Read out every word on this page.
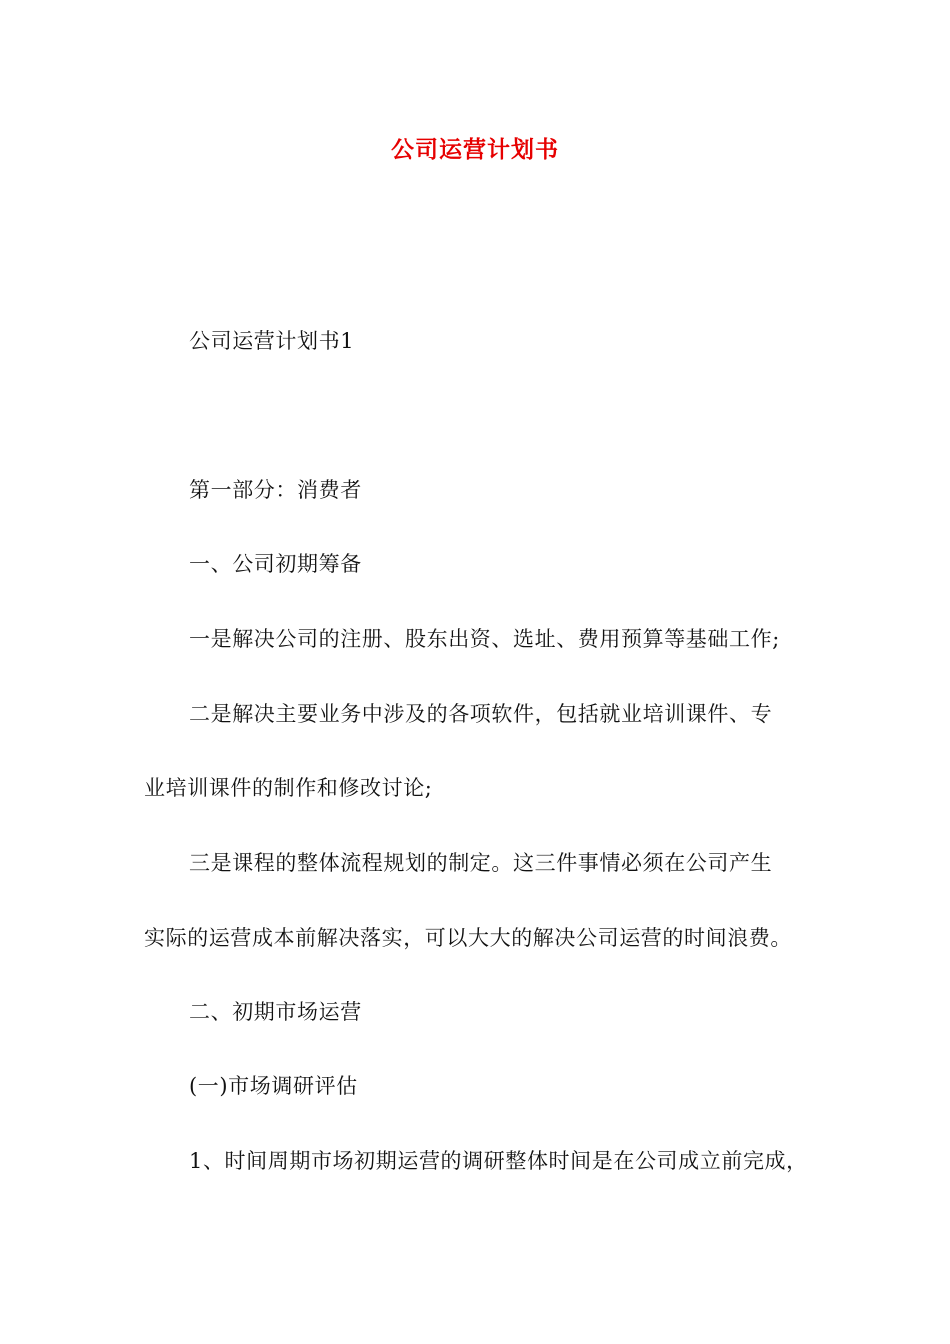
公司运营计划书
公司运营计划书1
第一部分：消费者
一、公司初期筹备
一是解决公司的注册、股东出资、选址、费用预算等基础工作;
二是解决主要业务中涉及的各项软件，包括就业培训课件、专
业培训课件的制作和修改讨论;
三是课程的整体流程规划的制定。这三件事情必须在公司产生
实际的运营成本前解决落实，可以大大的解决公司运营的时间浪费。
二、初期市场运营
(一)市场调研评估
1、时间周期市场初期运营的调研整体时间是在公司成立前完成，
